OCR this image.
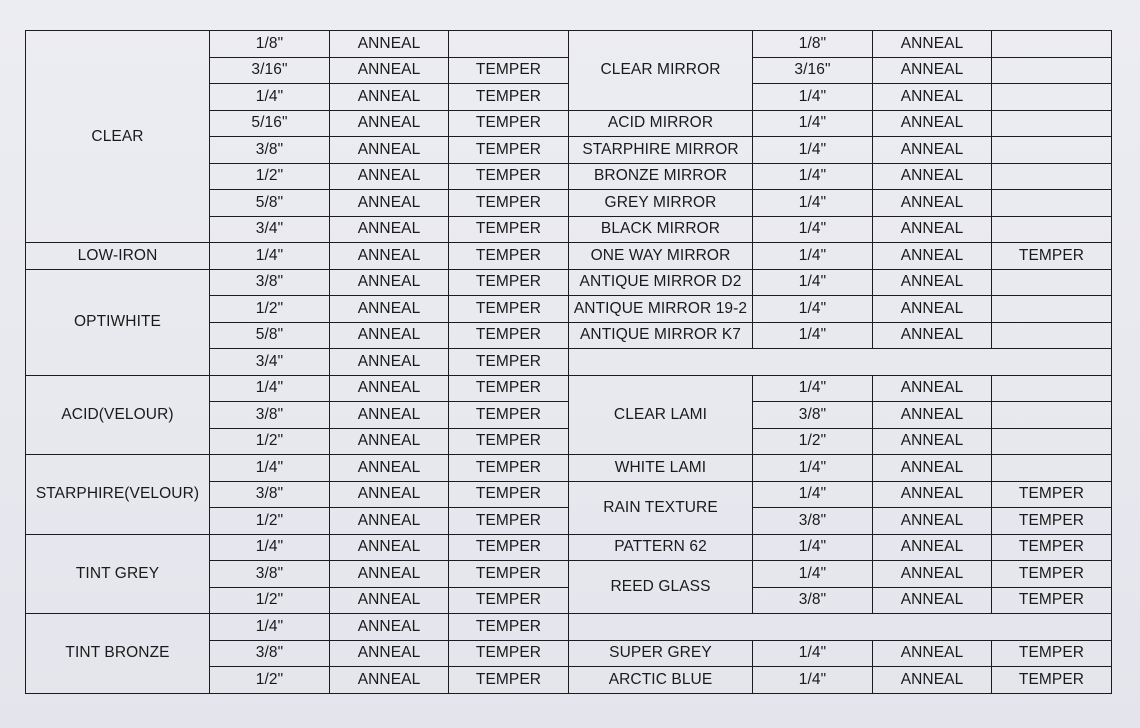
CLEAR	1/8"	ANNEAL		CLEAR MIRROR	1/8"	ANNEAL	
	3/16"	ANNEAL	TEMPER		3/16"	ANNEAL	
	1/4"	ANNEAL	TEMPER		1/4"	ANNEAL	
	5/16"	ANNEAL	TEMPER	ACID MIRROR	1/4"	ANNEAL	
	3/8"	ANNEAL	TEMPER	STARPHIRE MIRROR	1/4"	ANNEAL	
	1/2"	ANNEAL	TEMPER	BRONZE MIRROR	1/4"	ANNEAL	
	5/8"	ANNEAL	TEMPER	GREY MIRROR	1/4"	ANNEAL	
	3/4"	ANNEAL	TEMPER	BLACK MIRROR	1/4"	ANNEAL	
LOW-IRON	1/4"	ANNEAL	TEMPER	ONE WAY MIRROR	1/4"	ANNEAL	TEMPER
OPTIWHITE	3/8"	ANNEAL	TEMPER	ANTIQUE MIRROR D2	1/4"	ANNEAL	
	1/2"	ANNEAL	TEMPER	ANTIQUE MIRROR 19-2	1/4"	ANNEAL	
	5/8"	ANNEAL	TEMPER	ANTIQUE MIRROR K7	1/4"	ANNEAL	
	3/4"	ANNEAL	TEMPER				
ACID(VELOUR)	1/4"	ANNEAL	TEMPER	CLEAR LAMI	1/4"	ANNEAL	
	3/8"	ANNEAL	TEMPER		3/8"	ANNEAL	
	1/2"	ANNEAL	TEMPER		1/2"	ANNEAL	
STARPHIRE(VELOUR)	1/4"	ANNEAL	TEMPER	WHITE LAMI	1/4"	ANNEAL	
	3/8"	ANNEAL	TEMPER	RAIN TEXTURE	1/4"	ANNEAL	TEMPER
	1/2"	ANNEAL	TEMPER		3/8"	ANNEAL	TEMPER
TINT GREY	1/4"	ANNEAL	TEMPER	PATTERN 62	1/4"	ANNEAL	TEMPER
	3/8"	ANNEAL	TEMPER	REED GLASS	1/4"	ANNEAL	TEMPER
	1/2"	ANNEAL	TEMPER		3/8"	ANNEAL	TEMPER
TINT BRONZE	1/4"	ANNEAL	TEMPER				
	3/8"	ANNEAL	TEMPER	SUPER GREY	1/4"	ANNEAL	TEMPER
	1/2"	ANNEAL	TEMPER	ARCTIC BLUE	1/4"	ANNEAL	TEMPER
